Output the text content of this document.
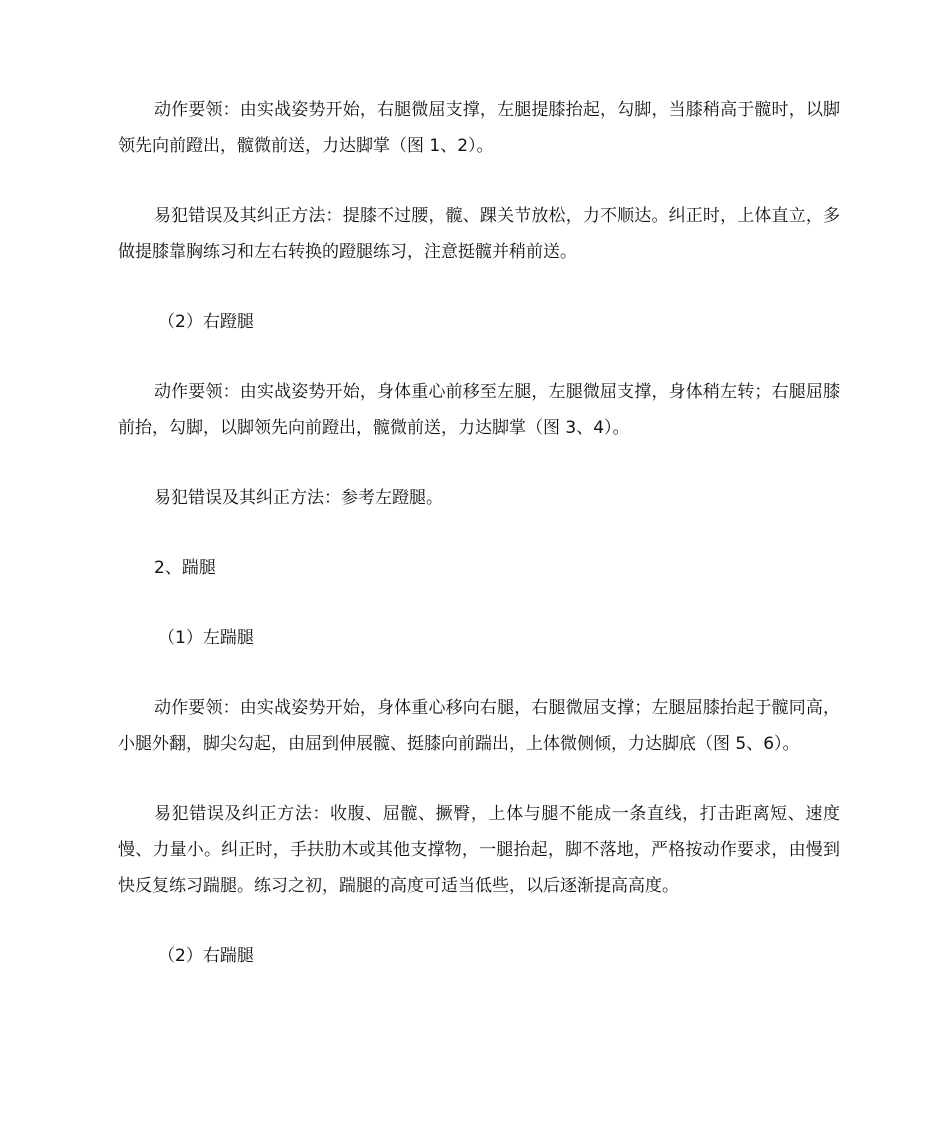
动作要领：由实战姿势开始，右腿微屈支撑，左腿提膝抬起，勾脚，当膝稍高于髋时，以脚领先向前蹬出，髋微前送，力达脚掌（图 1、2）。

易犯错误及其纠正方法：提膝不过腰，髋、踝关节放松，力不顺达。纠正时，上体直立，多做提膝靠胸练习和左右转换的蹬腿练习，注意挺髋并稍前送。

（2）右蹬腿

动作要领：由实战姿势开始，身体重心前移至左腿，左腿微屈支撑，身体稍左转；右腿屈膝前抬，勾脚，以脚领先向前蹬出，髋微前送，力达脚掌（图 3、4）。

易犯错误及其纠正方法：参考左蹬腿。

2、踹腿

（1）左踹腿

动作要领：由实战姿势开始，身体重心移向右腿，右腿微屈支撑；左腿屈膝抬起于髋同高，小腿外翻，脚尖勾起，由屈到伸展髋、挺膝向前踹出，上体微侧倾，力达脚底（图 5、6）。

易犯错误及纠正方法：收腹、屈髋、撅臀，上体与腿不能成一条直线，打击距离短、速度慢、力量小。纠正时，手扶肋木或其他支撑物，一腿抬起，脚不落地，严格按动作要求，由慢到快反复练习踹腿。练习之初，踹腿的高度可适当低些，以后逐渐提高高度。

（2）右踹腿
